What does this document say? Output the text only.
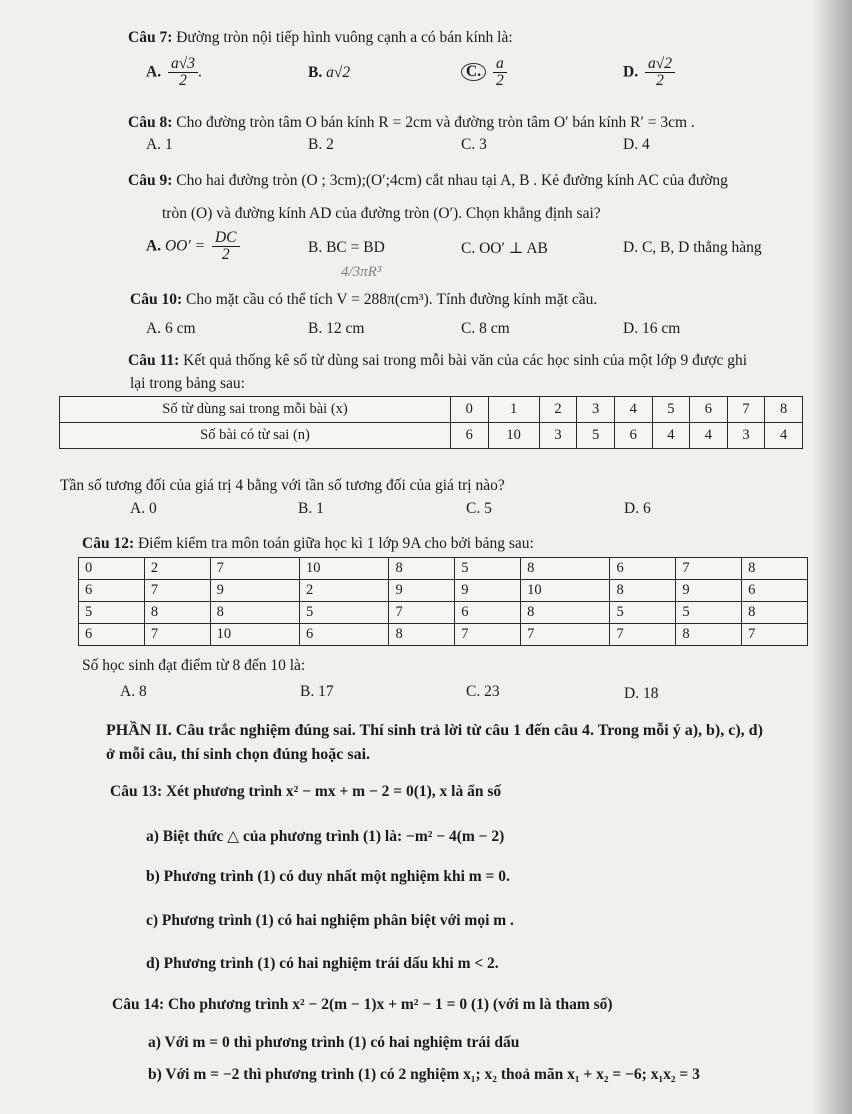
Câu 7: Đường tròn nội tiếp hình vuông cạnh a có bán kính là:
A. $\frac{a√3}{2}$ .	B. a√2	C. $\frac{a}{2}$	D. $\frac{a√2}{2}$
Câu 8: Cho đường tròn tâm O bán kính R = 2cm và đường tròn tâm O′ bán kính R′ = 3cm .
A. 1	B. 2	C. 3	D. 4
Câu 9: Cho hai đường tròn (O ; 3cm);(O′;4cm) cắt nhau tại A, B . Kẻ đường kính AC của đường
tròn (O) và đường kính AD của đường tròn (O′). Chọn khẳng định sai?
A. $OO' = \frac{DC}{2}$	B. BC = BD	C. OO′ ⊥ AB	D. C, B, D thẳng hàng
4/3πR³
Câu 10: Cho mặt cầu có thể tích V = 288π(cm³). Tính đường kính mặt cầu.
A. 6 cm	B. 12 cm	C. 8 cm	D. 16 cm
Câu 11: Kết quả thống kê số từ dùng sai trong mỗi bài văn của các học sinh của một lớp 9 được ghi
lại trong bảng sau:
Số từ dùng sai trong mỗi bài (x)	0	1	2	3	4	5	6	7	8
Số bài có từ sai (n)	6	10	3	5	6	4	4	3	4
Tần số tương đối của giá trị 4 bằng với tần số tương đối của giá trị nào?
A. 0	B. 1	C. 5	D. 6
Câu 12: Điểm kiểm tra môn toán giữa học kì 1 lớp 9A cho bởi bảng sau:
0	2	7	10	8	5	8	6	7	8
6	7	9	2	9	9	10	8	9	6
5	8	8	5	7	6	8	5	5	8
6	7	10	6	8	7	7	7	8	7
Số học sinh đạt điểm từ 8 đến 10 là:
A. 8	B. 17	C. 23	D. 18
PHẦN II. Câu trắc nghiệm đúng sai. Thí sinh trả lời từ câu 1 đến câu 4. Trong mỗi ý a), b), c), d)
ở mỗi câu, thí sinh chọn đúng hoặc sai.
Câu 13: Xét phương trình x² − mx + m − 2 = 0(1), x là ẩn số
a) Biệt thức △ của phương trình (1) là: −m² − 4(m − 2)
b) Phương trình (1) có duy nhất một nghiệm khi m = 0.
c) Phương trình (1) có hai nghiệm phân biệt với mọi m .
d) Phương trình (1) có hai nghiệm trái dấu khi m < 2.
Câu 14: Cho phương trình x² − 2(m − 1)x + m² − 1 = 0 (1) (với m là tham số)
a) Với m = 0 thì phương trình (1) có hai nghiệm trái dấu
b) Với m = −2 thì phương trình (1) có 2 nghiệm x₁; x₂ thoả mãn x₁ + x₂ = −6; x₁x₂ = 3
